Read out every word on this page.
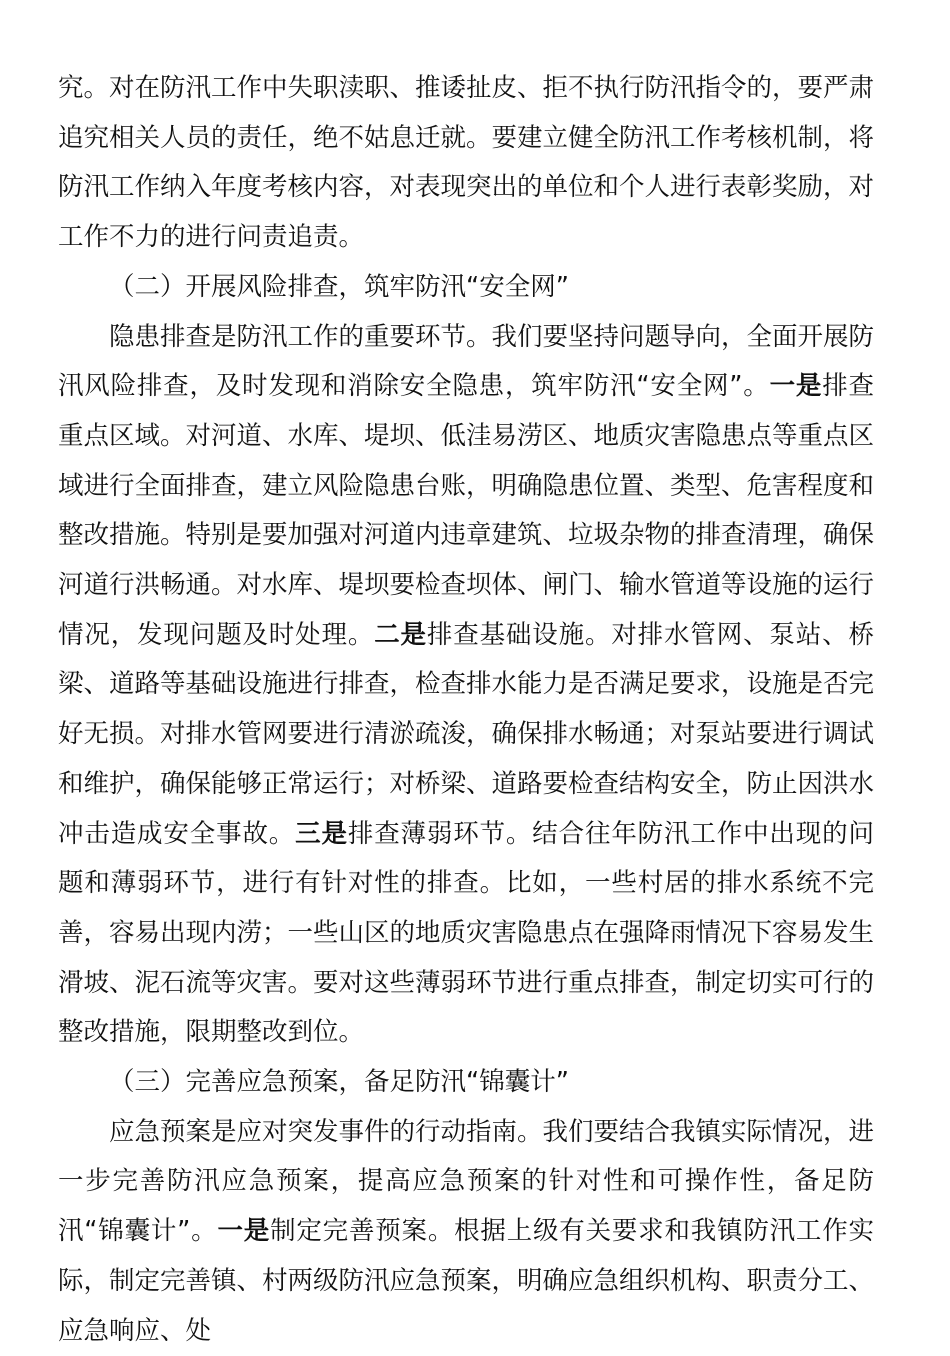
究。对在防汛工作中失职渎职、推诿扯皮、拒不执行防汛指令的，要严肃追究相关人员的责任，绝不姑息迁就。要建立健全防汛工作考核机制，将防汛工作纳入年度考核内容，对表现突出的单位和个人进行表彰奖励，对工作不力的进行问责追责。

（二）开展风险排查，筑牢防汛“安全网”

隐患排查是防汛工作的重要环节。我们要坚持问题导向，全面开展防汛风险排查，及时发现和消除安全隐患，筑牢防汛“安全网”。一是排查重点区域。对河道、水库、堤坝、低洼易涝区、地质灾害隐患点等重点区域进行全面排查，建立风险隐患台账，明确隐患位置、类型、危害程度和整改措施。特别是要加强对河道内违章建筑、垃圾杂物的排查清理，确保河道行洪畅通。对水库、堤坝要检查坝体、闸门、输水管道等设施的运行情况，发现问题及时处理。二是排查基础设施。对排水管网、泵站、桥梁、道路等基础设施进行排查，检查排水能力是否满足要求，设施是否完好无损。对排水管网要进行清淤疏浚，确保排水畅通；对泵站要进行调试和维护，确保能够正常运行；对桥梁、道路要检查结构安全，防止因洪水冲击造成安全事故。三是排查薄弱环节。结合往年防汛工作中出现的问题和薄弱环节，进行有针对性的排查。比如，一些村居的排水系统不完善，容易出现内涝；一些山区的地质灾害隐患点在强降雨情况下容易发生滑坡、泥石流等灾害。要对这些薄弱环节进行重点排查，制定切实可行的整改措施，限期整改到位。

（三）完善应急预案，备足防汛“锦囊计”

应急预案是应对突发事件的行动指南。我们要结合我镇实际情况，进一步完善防汛应急预案，提高应急预案的针对性和可操作性，备足防汛“锦囊计”。一是制定完善预案。根据上级有关要求和我镇防汛工作实际，制定完善镇、村两级防汛应急预案，明确应急组织机构、职责分工、应急响应、处
